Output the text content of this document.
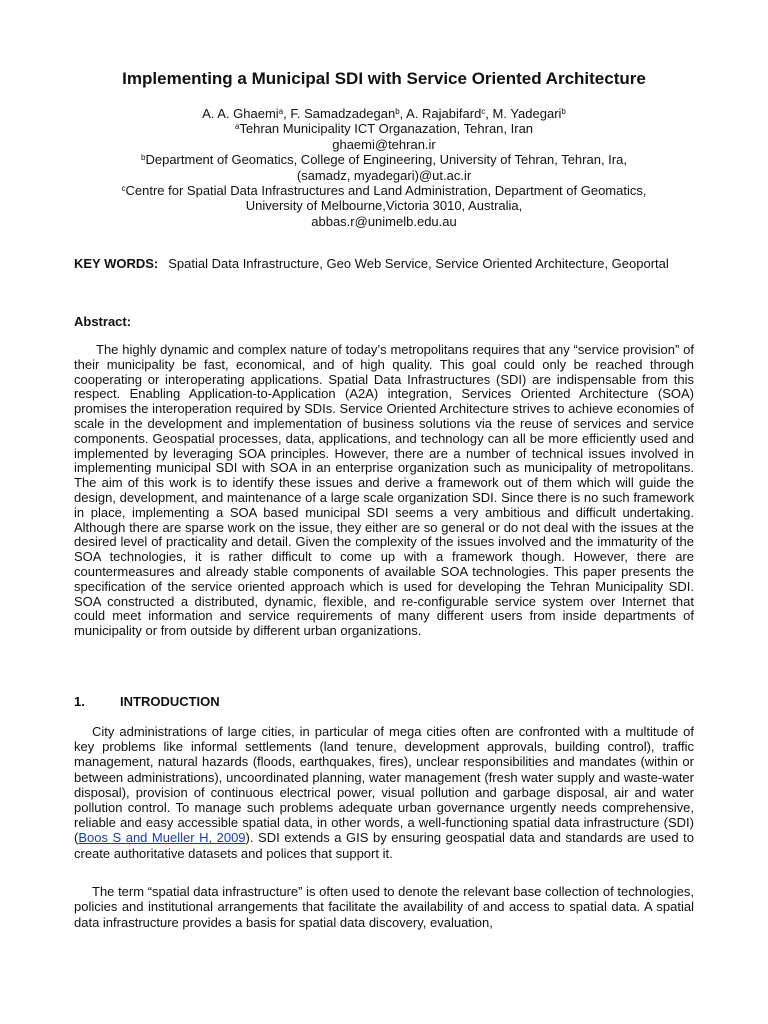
Implementing a Municipal SDI with Service Oriented Architecture
A. A. Ghaemi$^a$, F. Samadzadegan$^b$, A. Rajabifard$^c$, M. Yadegari$^b$
$^a$Tehran Municipality ICT Organazation, Tehran, Iran
ghaemi@tehran.ir
$^b$Department of Geomatics, College of Engineering, University of Tehran, Tehran, Ira,
(samadz, myadegari)@ut.ac.ir
$^c$Centre for Spatial Data Infrastructures and Land Administration, Department of Geomatics,
University of Melbourne,Victoria 3010, Australia,
abbas.r@unimelb.edu.au
KEY WORDS: Spatial Data Infrastructure, Geo Web Service, Service Oriented Architecture, Geoportal
Abstract:

The highly dynamic and complex nature of today’s metropolitans requires that any “service provision” of their municipality be fast, economical, and of high quality. This goal could only be reached through cooperating or interoperating applications. Spatial Data Infrastructures (SDI) are indispensable from this respect. Enabling Application-to-Application (A2A) integration, Services Oriented Architecture (SOA) promises the interoperation required by SDIs. Service Oriented Architecture strives to achieve economies of scale in the development and implementation of business solutions via the reuse of services and service components. Geospatial processes, data, applications, and technology can all be more efficiently used and implemented by leveraging SOA principles. However, there are a number of technical issues involved in implementing municipal SDI with SOA in an enterprise organization such as municipality of metropolitans. The aim of this work is to identify these issues and derive a framework out of them which will guide the design, development, and maintenance of a large scale organization SDI. Since there is no such framework in place, implementing a SOA based municipal SDI seems a very ambitious and difficult undertaking. Although there are sparse work on the issue, they either are so general or do not deal with the issues at the desired level of practicality and detail. Given the complexity of the issues involved and the immaturity of the SOA technologies, it is rather difficult to come up with a framework though. However, there are countermeasures and already stable components of available SOA technologies. This paper presents the specification of the service oriented approach which is used for developing the Tehran Municipality SDI. SOA constructed a distributed, dynamic, flexible, and re-configurable service system over Internet that could meet information and service requirements of many different users from inside departments of municipality or from outside by different urban organizations.

1.	INTRODUCTION

City administrations of large cities, in particular of mega cities often are confronted with a multitude of key problems like informal settlements (land tenure, development approvals, building control), traffic management, natural hazards (floods, earthquakes, fires), unclear responsibilities and mandates (within or between administrations), uncoordinated planning, water management (fresh water supply and waste-water disposal), provision of continuous electrical power, visual pollution and garbage disposal, air and water pollution control. To manage such problems adequate urban governance urgently needs comprehensive, reliable and easy accessible spatial data, in other words, a well-functioning spatial data infrastructure (SDI) (Boos S and Mueller H, 2009). SDI extends a GIS by ensuring geospatial data and standards are used to create authoritative datasets and polices that support it.

The term “spatial data infrastructure” is often used to denote the relevant base collection of technologies, policies and institutional arrangements that facilitate the availability of and access to spatial data. A spatial data infrastructure provides a basis for spatial data discovery, evaluation,
